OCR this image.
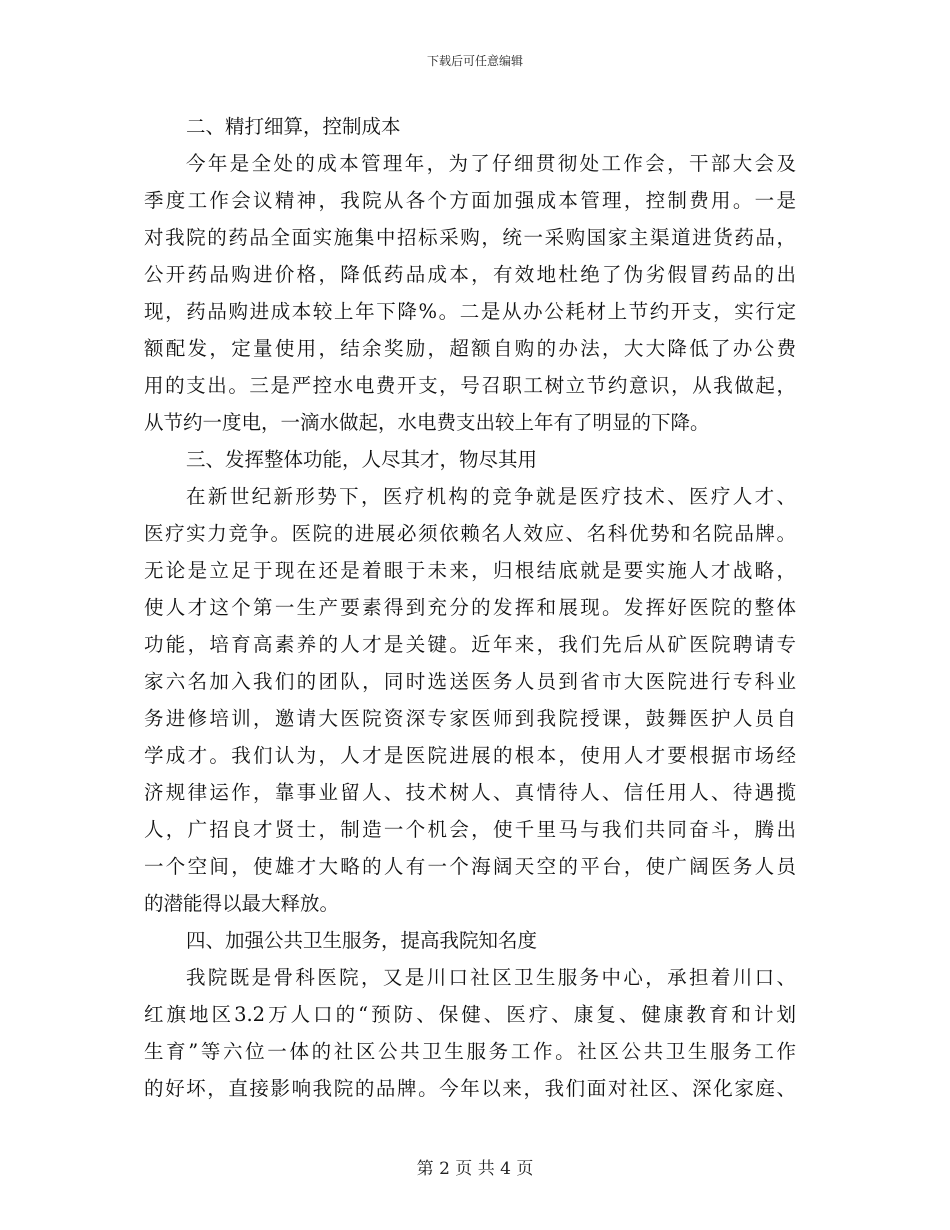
下载后可任意编辑
二、精打细算，控制成本
今年是全处的成本管理年，为了仔细贯彻处工作会，干部大会及
季度工作会议精神，我院从各个方面加强成本管理，控制费用。一是
对我院的药品全面实施集中招标采购，统一采购国家主渠道进货药品，
公开药品购进价格，降低药品成本，有效地杜绝了伪劣假冒药品的出
现，药品购进成本较上年下降%。二是从办公耗材上节约开支，实行定
额配发，定量使用，结余奖励，超额自购的办法，大大降低了办公费
用的支出。三是严控水电费开支，号召职工树立节约意识，从我做起，
从节约一度电，一滴水做起，水电费支出较上年有了明显的下降。
三、发挥整体功能，人尽其才，物尽其用
在新世纪新形势下，医疗机构的竞争就是医疗技术、医疗人才、
医疗实力竞争。医院的进展必须依赖名人效应、名科优势和名院品牌。
无论是立足于现在还是着眼于未来，归根结底就是要实施人才战略，
使人才这个第一生产要素得到充分的发挥和展现。发挥好医院的整体
功能，培育高素养的人才是关键。近年来，我们先后从矿医院聘请专
家六名加入我们的团队，同时选送医务人员到省市大医院进行专科业
务进修培训，邀请大医院资深专家医师到我院授课，鼓舞医护人员自
学成才。我们认为，人才是医院进展的根本，使用人才要根据市场经
济规律运作，靠事业留人、技术树人、真情待人、信任用人、待遇揽
人，广招良才贤士，制造一个机会，使千里马与我们共同奋斗，腾出
一个空间，使雄才大略的人有一个海阔天空的平台，使广阔医务人员
的潜能得以最大释放。
四、加强公共卫生服务，提高我院知名度
我院既是骨科医院，又是川口社区卫生服务中心，承担着川口、
红旗地区3.2万人口的“预防、保健、医疗、康复、健康教育和计划
生育”等六位一体的社区公共卫生服务工作。社区公共卫生服务工作
的好坏，直接影响我院的品牌。今年以来，我们面对社区、深化家庭、
第 2 页 共 4 页
